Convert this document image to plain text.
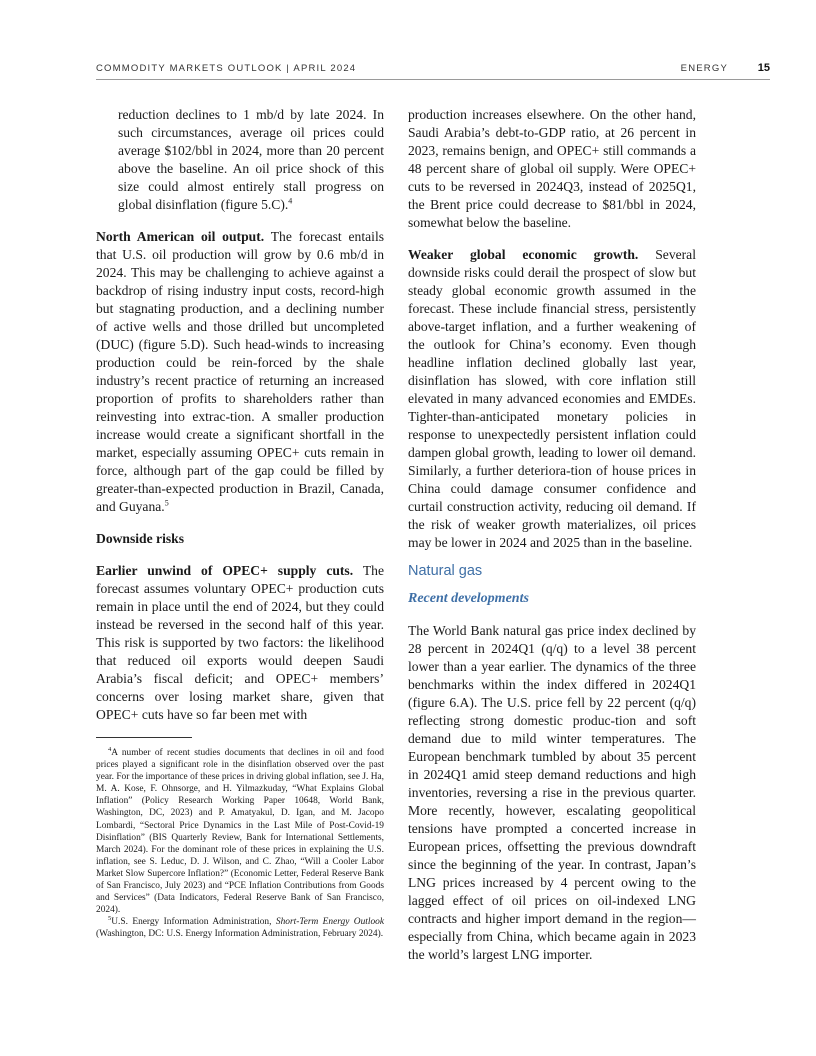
COMMODITY MARKETS OUTLOOK | APRIL 2024	ENERGY	15

reduction declines to 1 mb/d by late 2024. In such circumstances, average oil prices could average $102/bbl in 2024, more than 20 percent above the baseline. An oil price shock of this size could almost entirely stall progress on global disinflation (figure 5.C).$^4$

North American oil output. The forecast entails that U.S. oil production will grow by 0.6 mb/d in 2024. This may be challenging to achieve against a backdrop of rising industry input costs, record-high but stagnating production, and a declining number of active wells and those drilled but uncompleted (DUC) (figure 5.D). Such head-winds to increasing production could be rein-forced by the shale industry’s recent practice of returning an increased proportion of profits to shareholders rather than reinvesting into extrac-tion. A smaller production increase would create a significant shortfall in the market, especially assuming OPEC+ cuts remain in force, although part of the gap could be filled by greater-than-expected production in Brazil, Canada, and Guyana.$^5$

Downside risks

Earlier unwind of OPEC+ supply cuts. The forecast assumes voluntary OPEC+ production cuts remain in place until the end of 2024, but they could instead be reversed in the second half of this year. This risk is supported by two factors: the likelihood that reduced oil exports would deepen Saudi Arabia’s fiscal deficit; and OPEC+ members’ concerns over losing market share, given that OPEC+ cuts have so far been met with

production increases elsewhere. On the other hand, Saudi Arabia’s debt-to-GDP ratio, at 26 percent in 2023, remains benign, and OPEC+ still commands a 48 percent share of global oil supply. Were OPEC+ cuts to be reversed in 2024Q3, instead of 2025Q1, the Brent price could decrease to $81/bbl in 2024, somewhat below the baseline.

Weaker global economic growth. Several downside risks could derail the prospect of slow but steady global economic growth assumed in the forecast. These include financial stress, persistently above-target inflation, and a further weakening of the outlook for China’s economy. Even though headline inflation declined globally last year, disinflation has slowed, with core inflation still elevated in many advanced economies and EMDEs. Tighter-than-anticipated monetary policies in response to unexpectedly persistent inflation could dampen global growth, leading to lower oil demand. Similarly, a further deteriora-tion of house prices in China could damage consumer confidence and curtail construction activity, reducing oil demand. If the risk of weaker growth materializes, oil prices may be lower in 2024 and 2025 than in the baseline.

Natural gas

Recent developments

The World Bank natural gas price index declined by 28 percent in 2024Q1 (q/q) to a level 38 percent lower than a year earlier. The dynamics of the three benchmarks within the index differed in 2024Q1 (figure 6.A). The U.S. price fell by 22 percent (q/q) reflecting strong domestic produc-tion and soft demand due to mild winter temperatures. The European benchmark tumbled by about 35 percent in 2024Q1 amid steep demand reductions and high inventories, reversing a rise in the previous quarter. More recently, however, escalating geopolitical tensions have prompted a concerted increase in European prices, offsetting the previous downdraft since the beginning of the year. In contrast, Japan’s LNG prices increased by 4 percent owing to the lagged effect of oil prices on oil-indexed LNG contracts and higher import demand in the region—especially from China, which became again in 2023 the world’s largest LNG importer.

$^4$A number of recent studies documents that declines in oil and food prices played a significant role in the disinflation observed over the past year. For the importance of these prices in driving global inflation, see J. Ha, M. A. Kose, F. Ohnsorge, and H. Yilmazkuday, “What Explains Global Inflation” (Policy Research Working Paper 10648, World Bank, Washington, DC, 2023) and P. Amatyakul, D. Igan, and M. Jacopo Lombardi, “Sectoral Price Dynamics in the Last Mile of Post-Covid-19 Disinflation” (BIS Quarterly Review, Bank for International Settlements, March 2024). For the dominant role of these prices in explaining the U.S. inflation, see S. Leduc, D. J. Wilson, and C. Zhao, “Will a Cooler Labor Market Slow Supercore Inflation?” (Economic Letter, Federal Reserve Bank of San Francisco, July 2023) and “PCE Inflation Contributions from Goods and Services” (Data Indicators, Federal Reserve Bank of San Francisco, 2024).

$^5$U.S. Energy Information Administration, Short-Term Energy Outlook (Washington, DC: U.S. Energy Information Administration, February 2024).
